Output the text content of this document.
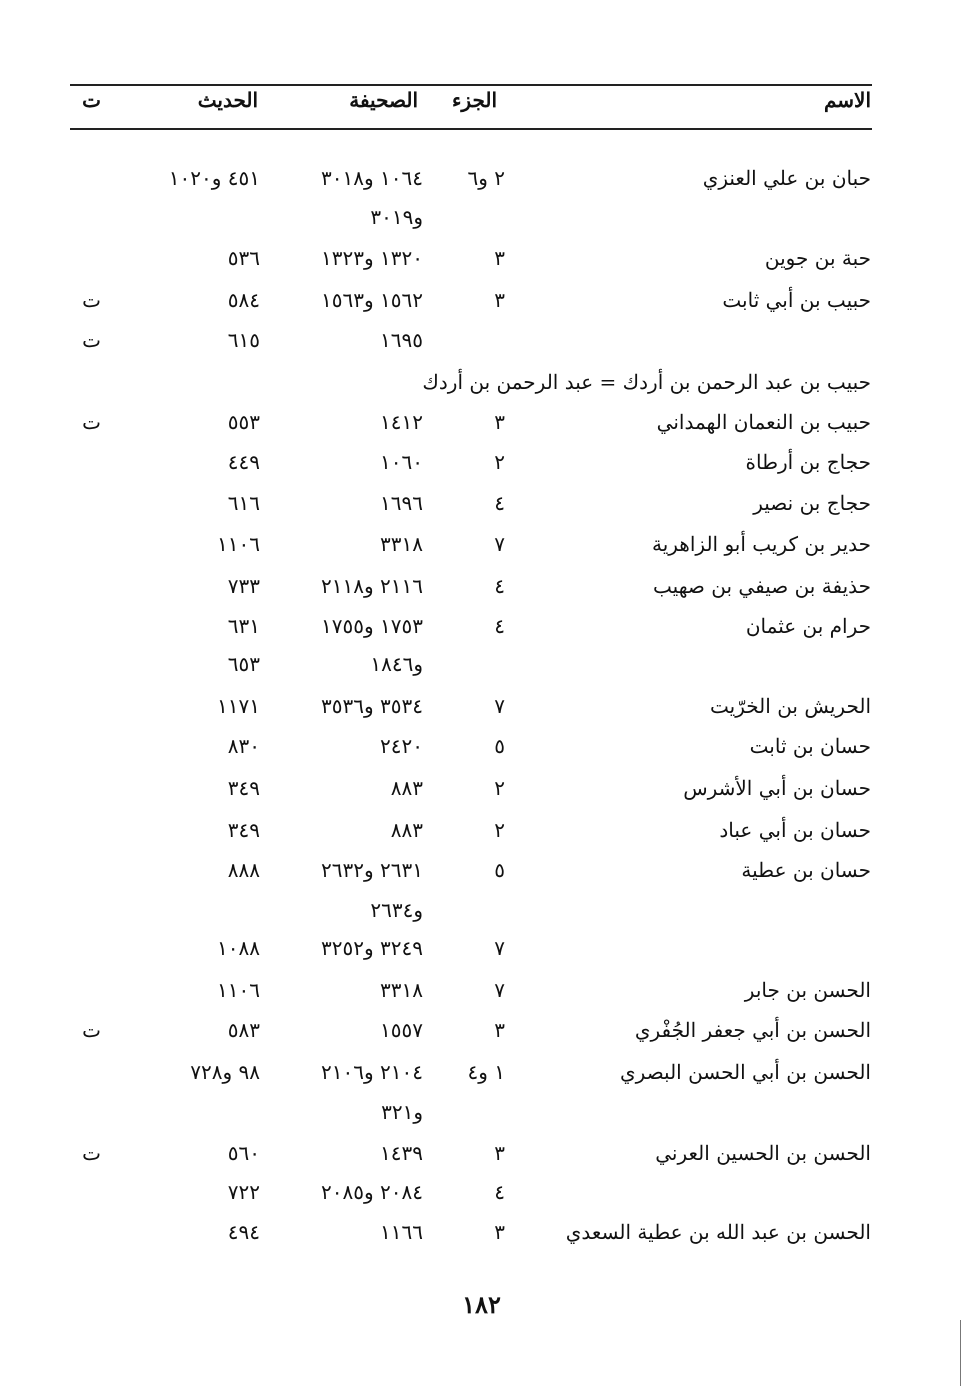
الاسم
الجزء
الصحيفة
الحديث
ت
حبان بن علي العنزي
٢ و٦
١٠٦٤ و٣٠١٨
٤٥١ و١٠٢٠
و٣٠١٩
حبة بن جوين
٣
١٣٢٠ و١٣٢٣
٥٣٦
حبيب بن أبي ثابت
٣
١٥٦٢ و١٥٦٣
٥٨٤
ت
١٦٩٥
٦١٥
ت
حبيب بن عبد الرحمن بن أردك = عبد الرحمن بن أردك
حبيب بن النعمان الهمداني
٣
١٤١٢
٥٥٣
ت
حجاج بن أرطاة
٢
١٠٦٠
٤٤٩
حجاج بن نصير
٤
١٦٩٦
٦١٦
حدير بن كريب أبو الزاهرية
٧
٣٣١٨
١١٠٦
حذيفة بن صيفي بن صهيب
٤
٢١١٦ و٢١١٨
٧٣٣
حرام بن عثمان
٤
١٧٥٣ و١٧٥٥
٦٣١
و١٨٤٦
٦٥٣
الحريش بن الخرّيت
٧
٣٥٣٤ و٣٥٣٦
١١٧١
حسان بن ثابت
٥
٢٤٢٠
٨٣٠
حسان بن أبي الأشرس
٢
٨٨٣
٣٤٩
حسان بن أبي عباد
٢
٨٨٣
٣٤٩
حسان بن عطية
٥
٢٦٣١ و٢٦٣٢
٨٨٨
و٢٦٣٤
٧
٣٢٤٩ و٣٢٥٢
١٠٨٨
الحسن بن جابر
٧
٣٣١٨
١١٠٦
الحسن بن أبي جعفر الجُفْري
٣
١٥٥٧
٥٨٣
ت
الحسن بن أبي الحسن البصري
١ و٤
٢١٠٤ و٢١٠٦
٩٨ و٧٢٨
و٣٢١
الحسن بن الحسين العرني
٣
١٤٣٩
٥٦٠
ت
٤
٢٠٨٤ و٢٠٨٥
٧٢٢
الحسن بن عبد الله بن عطية السعدي
٣
١١٦٦
٤٩٤
١٨٢
